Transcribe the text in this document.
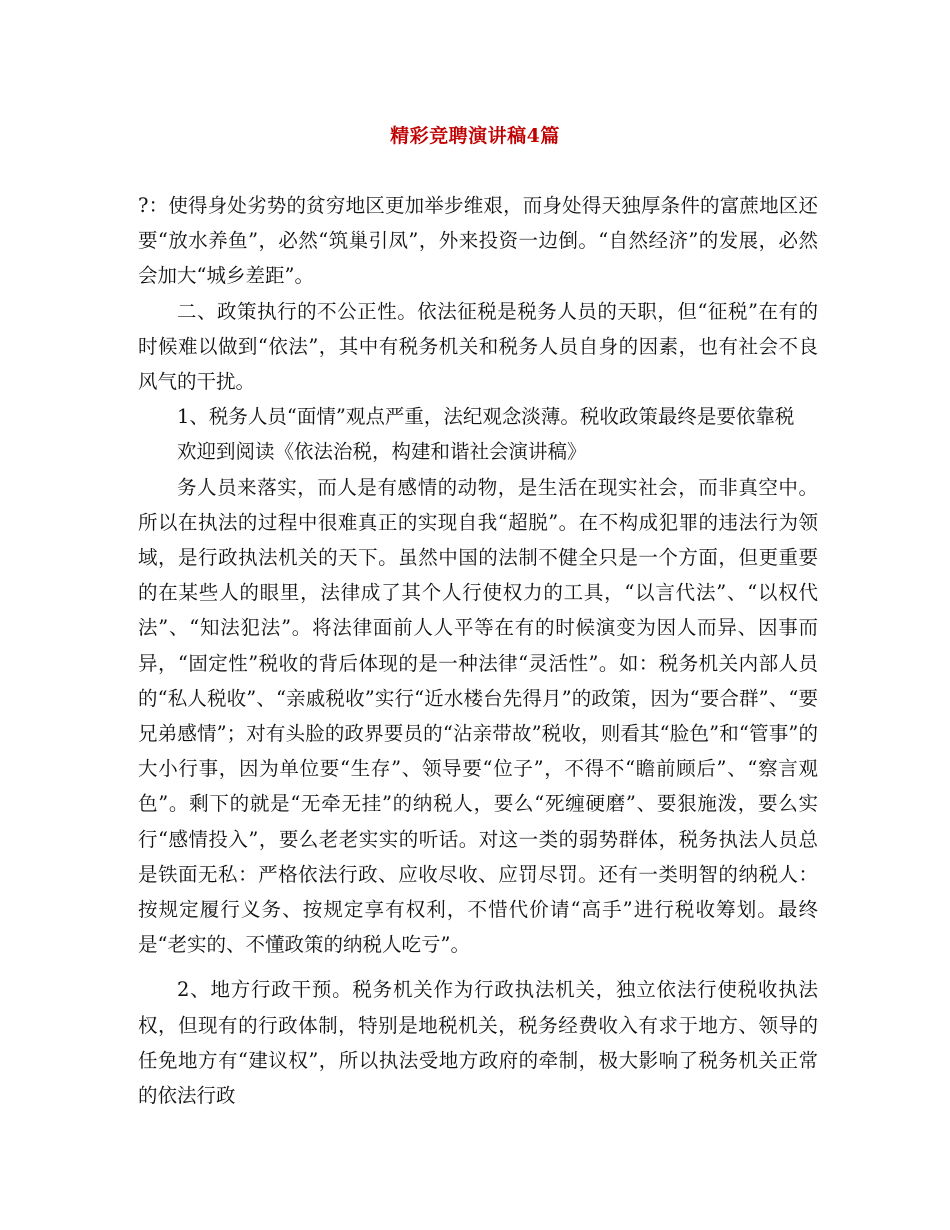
精彩竞聘演讲稿4篇

?：使得身处劣势的贫穷地区更加举步维艰，而身处得天独厚条件的富蔗地区还要“放水养鱼”，必然“筑巢引凤”，外来投资一边倒。“自然经济”的发展，必然会加大“城乡差距”。

二、政策执行的不公正性。依法征税是税务人员的天职，但“征税”在有的时候难以做到“依法”，其中有税务机关和税务人员自身的因素，也有社会不良风气的干扰。

1、税务人员“面情”观点严重，法纪观念淡薄。税收政策最终是要依靠税

欢迎到阅读《依法治税，构建和谐社会演讲稿》

务人员来落实，而人是有感情的动物，是生活在现实社会，而非真空中。所以在执法的过程中很难真正的实现自我“超脱”。在不构成犯罪的违法行为领域，是行政执法机关的天下。虽然中国的法制不健全只是一个方面，但更重要的在某些人的眼里，法律成了其个人行使权力的工具，“以言代法”、“以权代法”、“知法犯法”。将法律面前人人平等在有的时候演变为因人而异、因事而异，“固定性”税收的背后体现的是一种法律“灵活性”。如：税务机关内部人员的“私人税收”、“亲戚税收”实行“近水楼台先得月”的政策，因为“要合群”、“要兄弟感情”；对有头脸的政界要员的“沾亲带故”税收，则看其“脸色”和“管事”的大小行事，因为单位要“生存”、领导要“位子”，不得不“瞻前顾后”、“察言观色”。剩下的就是“无牵无挂”的纳税人，要么“死缠硬磨”、要狠施泼，要么实行“感情投入”，要么老老实实的听话。对这一类的弱势群体，税务执法人员总是铁面无私：严格依法行政、应收尽收、应罚尽罚。还有一类明智的纳税人：按规定履行义务、按规定享有权利，不惜代价请“高手”进行税收筹划。最终是“老实的、不懂政策的纳税人吃亏”。

2、地方行政干预。税务机关作为行政执法机关，独立依法行使税收执法权，但现有的行政体制，特别是地税机关，税务经费收入有求于地方、领导的任免地方有“建议权”，所以执法受地方政府的牵制，极大影响了税务机关正常的依法行政
